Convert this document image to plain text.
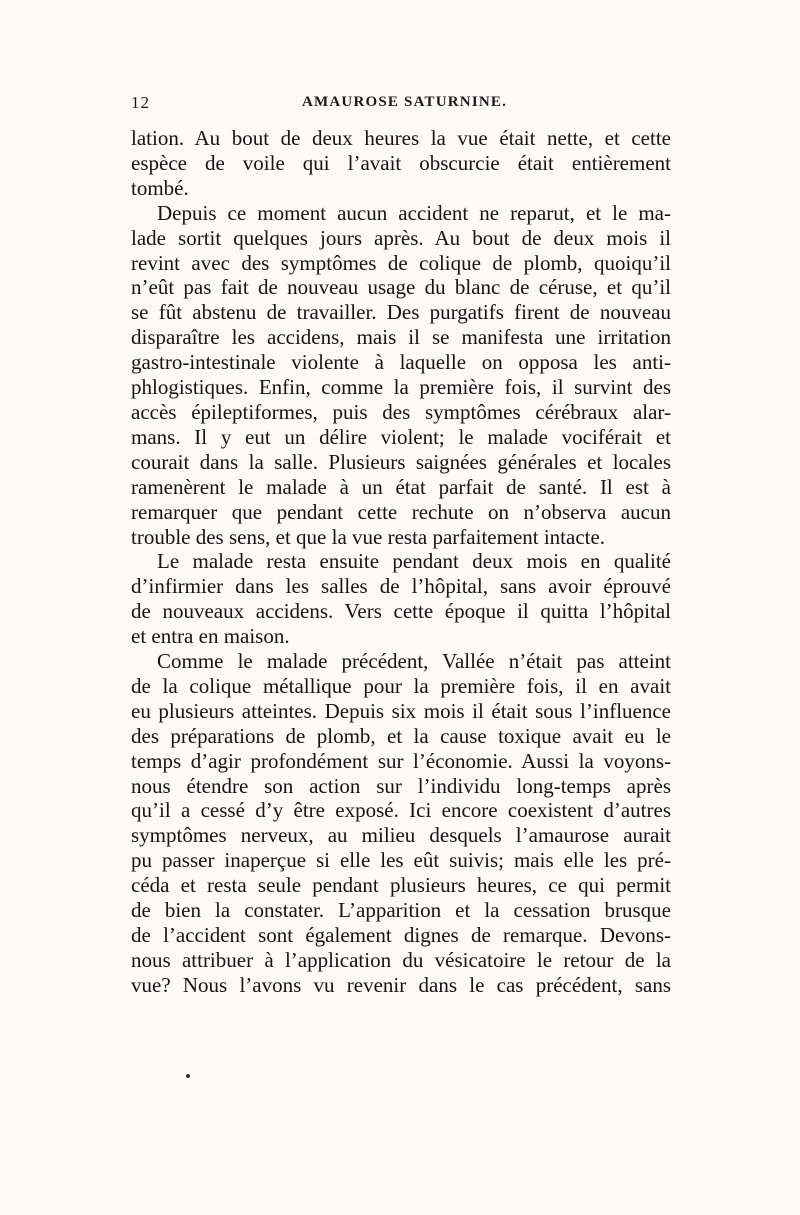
12	AMAUROSE SATURNINE.

lation. Au bout de deux heures la vue était nette, et cette
espèce de voile qui l’avait obscurcie était entièrement
tombé.

Depuis ce moment aucun accident ne reparut, et le ma-
lade sortit quelques jours après. Au bout de deux mois il
revint avec des symptômes de colique de plomb, quoiqu’il
n’eût pas fait de nouveau usage du blanc de céruse, et qu’il
se fût abstenu de travailler. Des purgatifs firent de nouveau
disparaître les accidens, mais il se manifesta une irritation
gastro-intestinale violente à laquelle on opposa les anti-
phlogistiques. Enfin, comme la première fois, il survint des
accès épileptiformes, puis des symptômes cérébraux alar-
mans. Il y eut un délire violent; le malade vociférait et
courait dans la salle. Plusieurs saignées générales et locales
ramenèrent le malade à un état parfait de santé. Il est à
remarquer que pendant cette rechute on n’observa aucun
trouble des sens, et que la vue resta parfaitement intacte.

Le malade resta ensuite pendant deux mois en qualité
d’infirmier dans les salles de l’hôpital, sans avoir éprouvé
de nouveaux accidens. Vers cette époque il quitta l’hôpital
et entra en maison.

Comme le malade précédent, Vallée n’était pas atteint
de la colique métallique pour la première fois, il en avait
eu plusieurs atteintes. Depuis six mois il était sous l’influence
des préparations de plomb, et la cause toxique avait eu le
temps d’agir profondément sur l’économie. Aussi la voyons-
nous étendre son action sur l’individu long-temps après
qu’il a cessé d’y être exposé. Ici encore coexistent d’autres
symptômes nerveux, au milieu desquels l’amaurose aurait
pu passer inaperçue si elle les eût suivis; mais elle les pré-
céda et resta seule pendant plusieurs heures, ce qui permit
de bien la constater. L’apparition et la cessation brusque
de l’accident sont également dignes de remarque. Devons-
nous attribuer à l’application du vésicatoire le retour de la
vue? Nous l’avons vu revenir dans le cas précédent, sans
